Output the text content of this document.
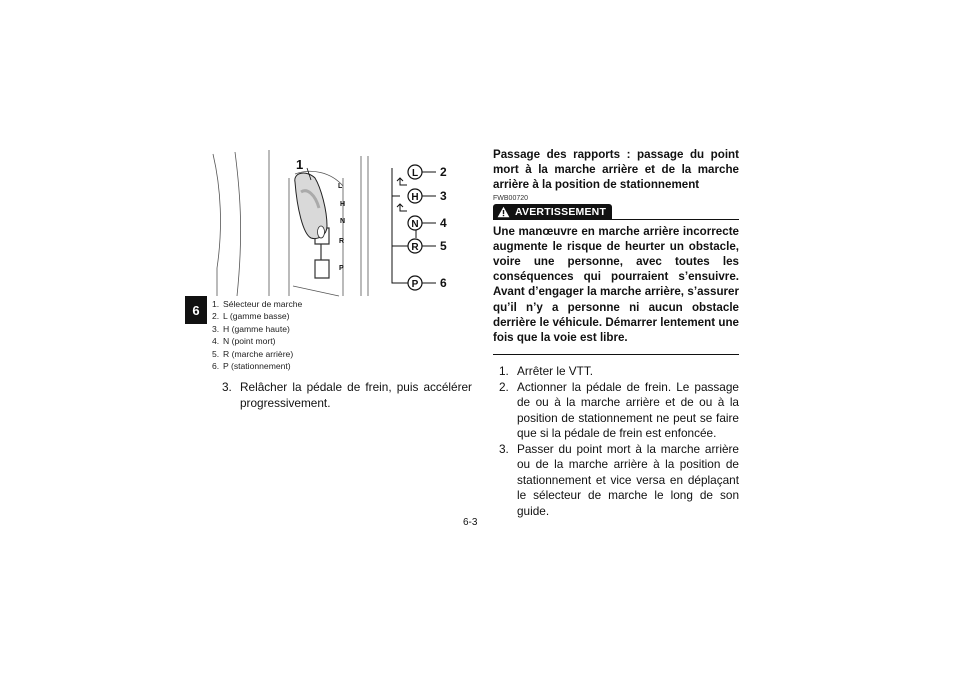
6
1
L
H
N
R
P
L
H
N
R
P
2
3
4
5
6
1. Sélecteur de marche
2. L (gamme basse)
3. H (gamme haute)
4. N (point mort)
5. R (marche arrière)
6. P (stationnement)
3. Relâcher la pédale de frein, puis accélérer progressivement.

Passage des rapports : passage du point mort à la marche arrière et de la marche arrière à la position de stationnement

FWB00720
AVERTISSEMENT

Une manœuvre en marche arrière incorrecte augmente le risque de heurter un obstacle, voire une personne, avec toutes les conséquences qui pourraient s’ensuivre. Avant d’engager la marche arrière, s’assurer qu’il n’y a personne ni aucun obstacle derrière le véhicule. Démarrer lentement une fois que la voie est libre.

1. Arrêter le VTT.
2. Actionner la pédale de frein. Le passage de ou à la marche arrière et de ou à la position de stationnement ne peut se faire que si la pédale de frein est enfoncée.
3. Passer du point mort à la marche arrière ou de la marche arrière à la position de stationnement et vice versa en déplaçant le sélecteur de marche le long de son guide.
6-3
